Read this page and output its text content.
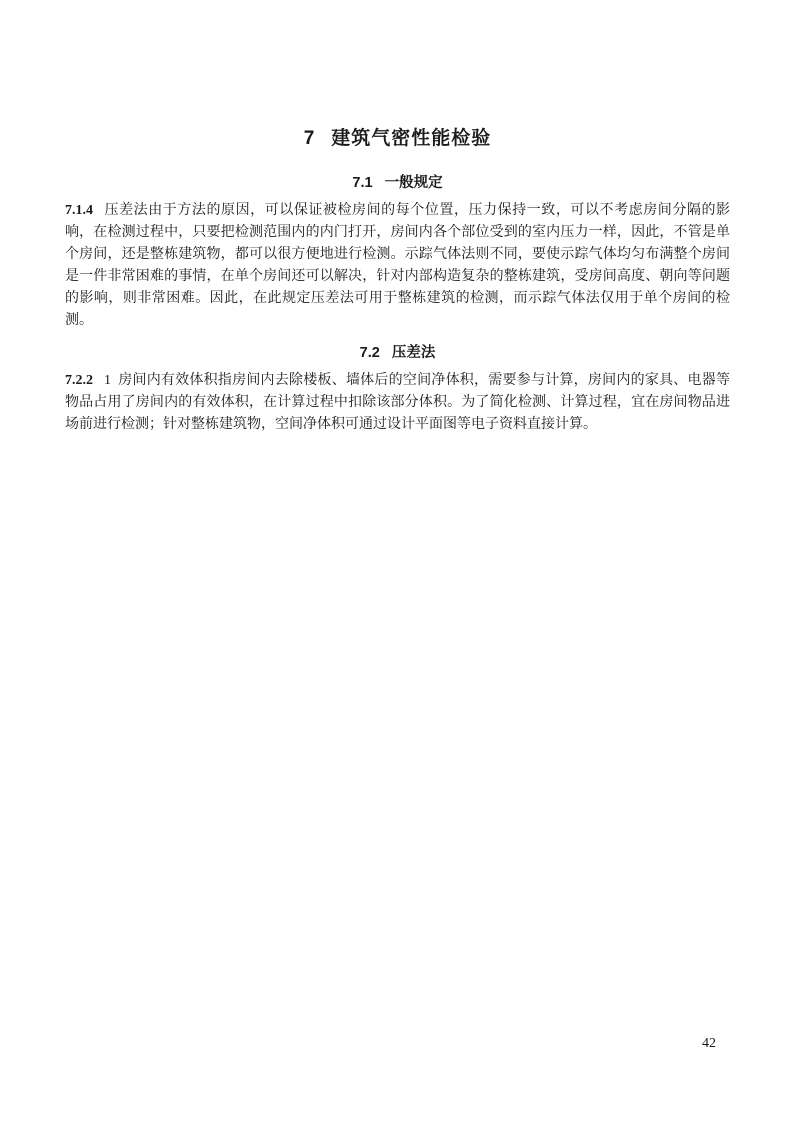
7 建筑气密性能检验
7.1 一般规定

7.1.4 压差法由于方法的原因，可以保证被检房间的每个位置，压力保持一致，可以不考虑房间分隔的影响，在检测过程中，只要把检测范围内的内门打开，房间内各个部位受到的室内压力一样，因此，不管是单个房间，还是整栋建筑物，都可以很方便地进行检测。示踪气体法则不同，要使示踪气体均匀布满整个房间是一件非常困难的事情，在单个房间还可以解决，针对内部构造复杂的整栋建筑，受房间高度、朝向等问题的影响，则非常困难。因此，在此规定压差法可用于整栋建筑的检测，而示踪气体法仅用于单个房间的检测。

7.2 压差法

7.2.2 1 房间内有效体积指房间内去除楼板、墙体后的空间净体积，需要参与计算，房间内的家具、电器等物品占用了房间内的有效体积，在计算过程中扣除该部分体积。为了简化检测、计算过程，宜在房间物品进场前进行检测；针对整栋建筑物，空间净体积可通过设计平面图等电子资料直接计算。

42
